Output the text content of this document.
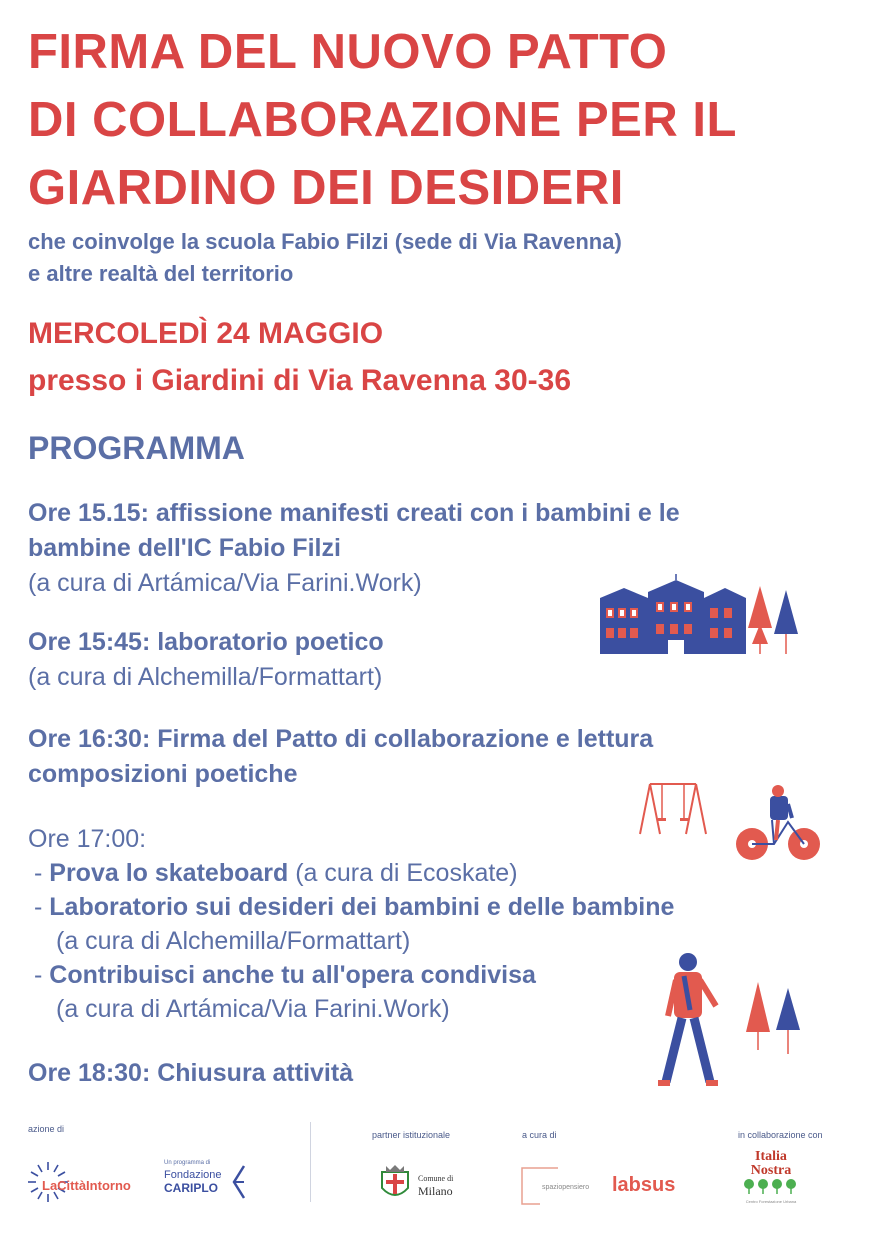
FIRMA DEL NUOVO PATTO
DI COLLABORAZIONE PER IL
GIARDINO DEI DESIDERI
che coinvolge la scuola Fabio Filzi (sede di Via Ravenna)
e altre realtà del territorio
MERCOLEDÌ 24 MAGGIO
presso i Giardini di Via Ravenna 30-36
PROGRAMMA
Ore 15.15: affissione manifesti creati con i bambini e le
bambine dell'IC Fabio Filzi
(a cura di Artámica/Via Farini.Work)
Ore 15:45: laboratorio poetico
(a cura di Alchemilla/Formattart)
Ore 16:30: Firma del Patto di collaborazione e lettura
composizioni poetiche
Ore 17:00:
- Prova lo skateboard (a cura di Ecoskate)
- Laboratorio sui desideri dei bambini e delle bambine
(a cura di Alchemilla/Formattart)
- Contribuisci anche tu all'opera condivisa
(a cura di Artámica/Via Farini.Work)
Ore 18:30: Chiusura attività
azione di
partner istituzionale	a cura di	in collaborazione con
LaCittàIntorno
Un programma di
Fondazione
CARIPLO
Comune di
Milano	spaziopensiero labsus
Italia
Nostra
Centro Forestazione Urbana
